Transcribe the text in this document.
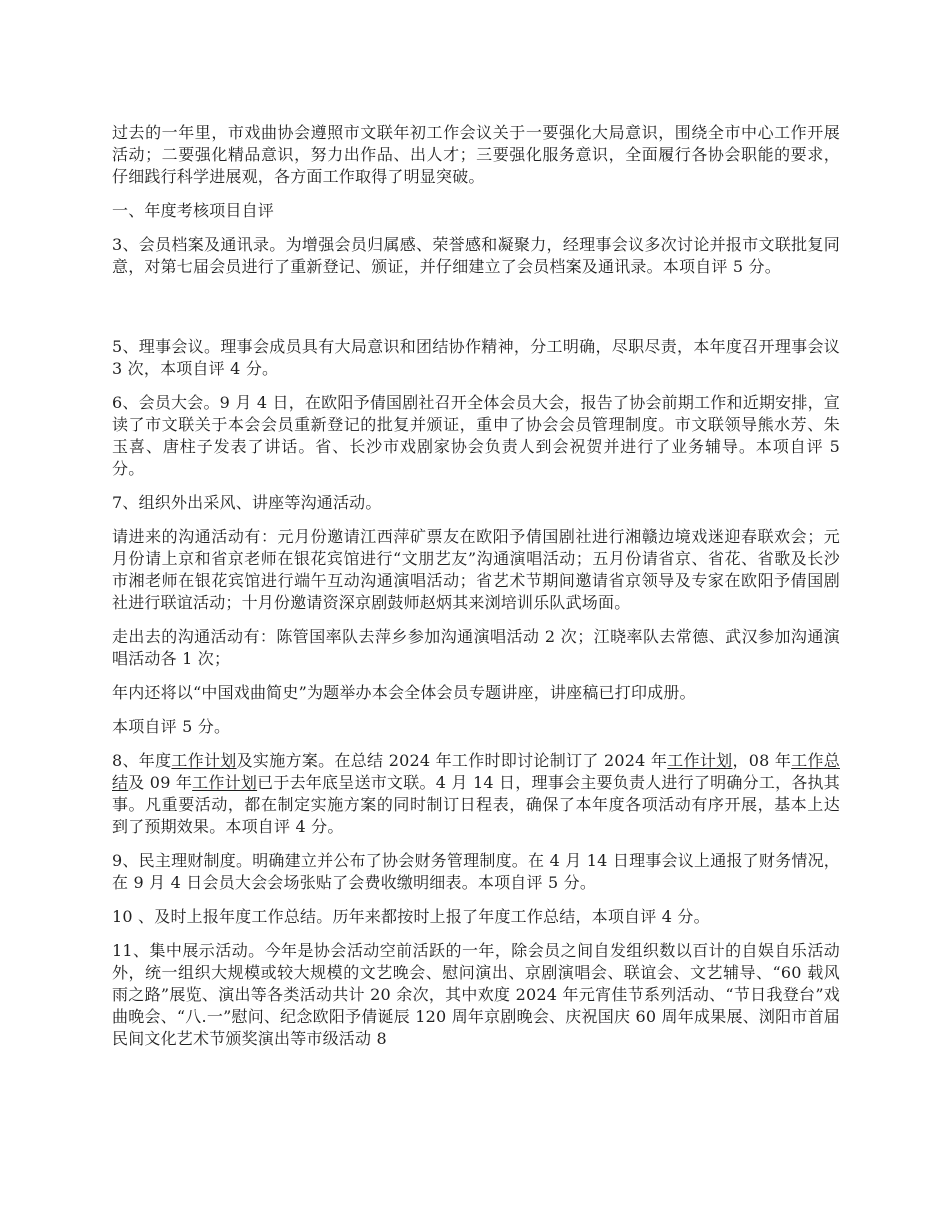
过去的一年里，市戏曲协会遵照市文联年初工作会议关于一要强化大局意识，围绕全市中心工作开展活动；二要强化精品意识，努力出作品、出人才；三要强化服务意识，全面履行各协会职能的要求，仔细践行科学进展观，各方面工作取得了明显突破。

一、年度考核项目自评

3、会员档案及通讯录。为增强会员归属感、荣誉感和凝聚力，经理事会议多次讨论并报市文联批复同意，对第七届会员进行了重新登记、颁证，并仔细建立了会员档案及通讯录。本项自评 5 分。

5、理事会议。理事会成员具有大局意识和团结协作精神，分工明确，尽职尽责，本年度召开理事会议 3 次，本项自评 4 分。

6、会员大会。9 月 4 日，在欧阳予倩国剧社召开全体会员大会，报告了协会前期工作和近期安排，宣读了市文联关于本会会员重新登记的批复并颁证，重申了协会会员管理制度。市文联领导熊水芳、朱玉喜、唐柱子发表了讲话。省、长沙市戏剧家协会负责人到会祝贺并进行了业务辅导。本项自评 5 分。

7、组织外出采风、讲座等沟通活动。

请进来的沟通活动有：元月份邀请江西萍矿票友在欧阳予倩国剧社进行湘赣边境戏迷迎春联欢会；元月份请上京和省京老师在银花宾馆进行“文朋艺友”沟通演唱活动；五月份请省京、省花、省歌及长沙市湘老师在银花宾馆进行端午互动沟通演唱活动；省艺术节期间邀请省京领导及专家在欧阳予倩国剧社进行联谊活动；十月份邀请资深京剧鼓师赵炳其来浏培训乐队武场面。

走出去的沟通活动有：陈管国率队去萍乡参加沟通演唱活动 2 次；江晓率队去常德、武汉参加沟通演唱活动各 1 次；

年内还将以“中国戏曲简史”为题举办本会全体会员专题讲座，讲座稿已打印成册。

本项自评 5 分。

8、年度工作计划及实施方案。在总结 2024 年工作时即讨论制订了 2024 年工作计划，08 年工作总结及 09 年工作计划已于去年底呈送市文联。4 月 14 日，理事会主要负责人进行了明确分工，各执其事。凡重要活动，都在制定实施方案的同时制订日程表，确保了本年度各项活动有序开展，基本上达到了预期效果。本项自评 4 分。

9、民主理财制度。明确建立并公布了协会财务管理制度。在 4 月 14 日理事会议上通报了财务情况，在 9 月 4 日会员大会会场张贴了会费收缴明细表。本项自评 5 分。

10 、及时上报年度工作总结。历年来都按时上报了年度工作总结，本项自评 4 分。

11、集中展示活动。今年是协会活动空前活跃的一年，除会员之间自发组织数以百计的自娱自乐活动外，统一组织大规模或较大规模的文艺晚会、慰问演出、京剧演唱会、联谊会、文艺辅导、“60 载风雨之路”展览、演出等各类活动共计 20 余次，其中欢度 2024 年元宵佳节系列活动、“节日我登台”戏曲晚会、“八.一”慰问、纪念欧阳予倩诞辰 120 周年京剧晚会、庆祝国庆 60 周年成果展、浏阳市首届民间文化艺术节颁奖演出等市级活动 8
